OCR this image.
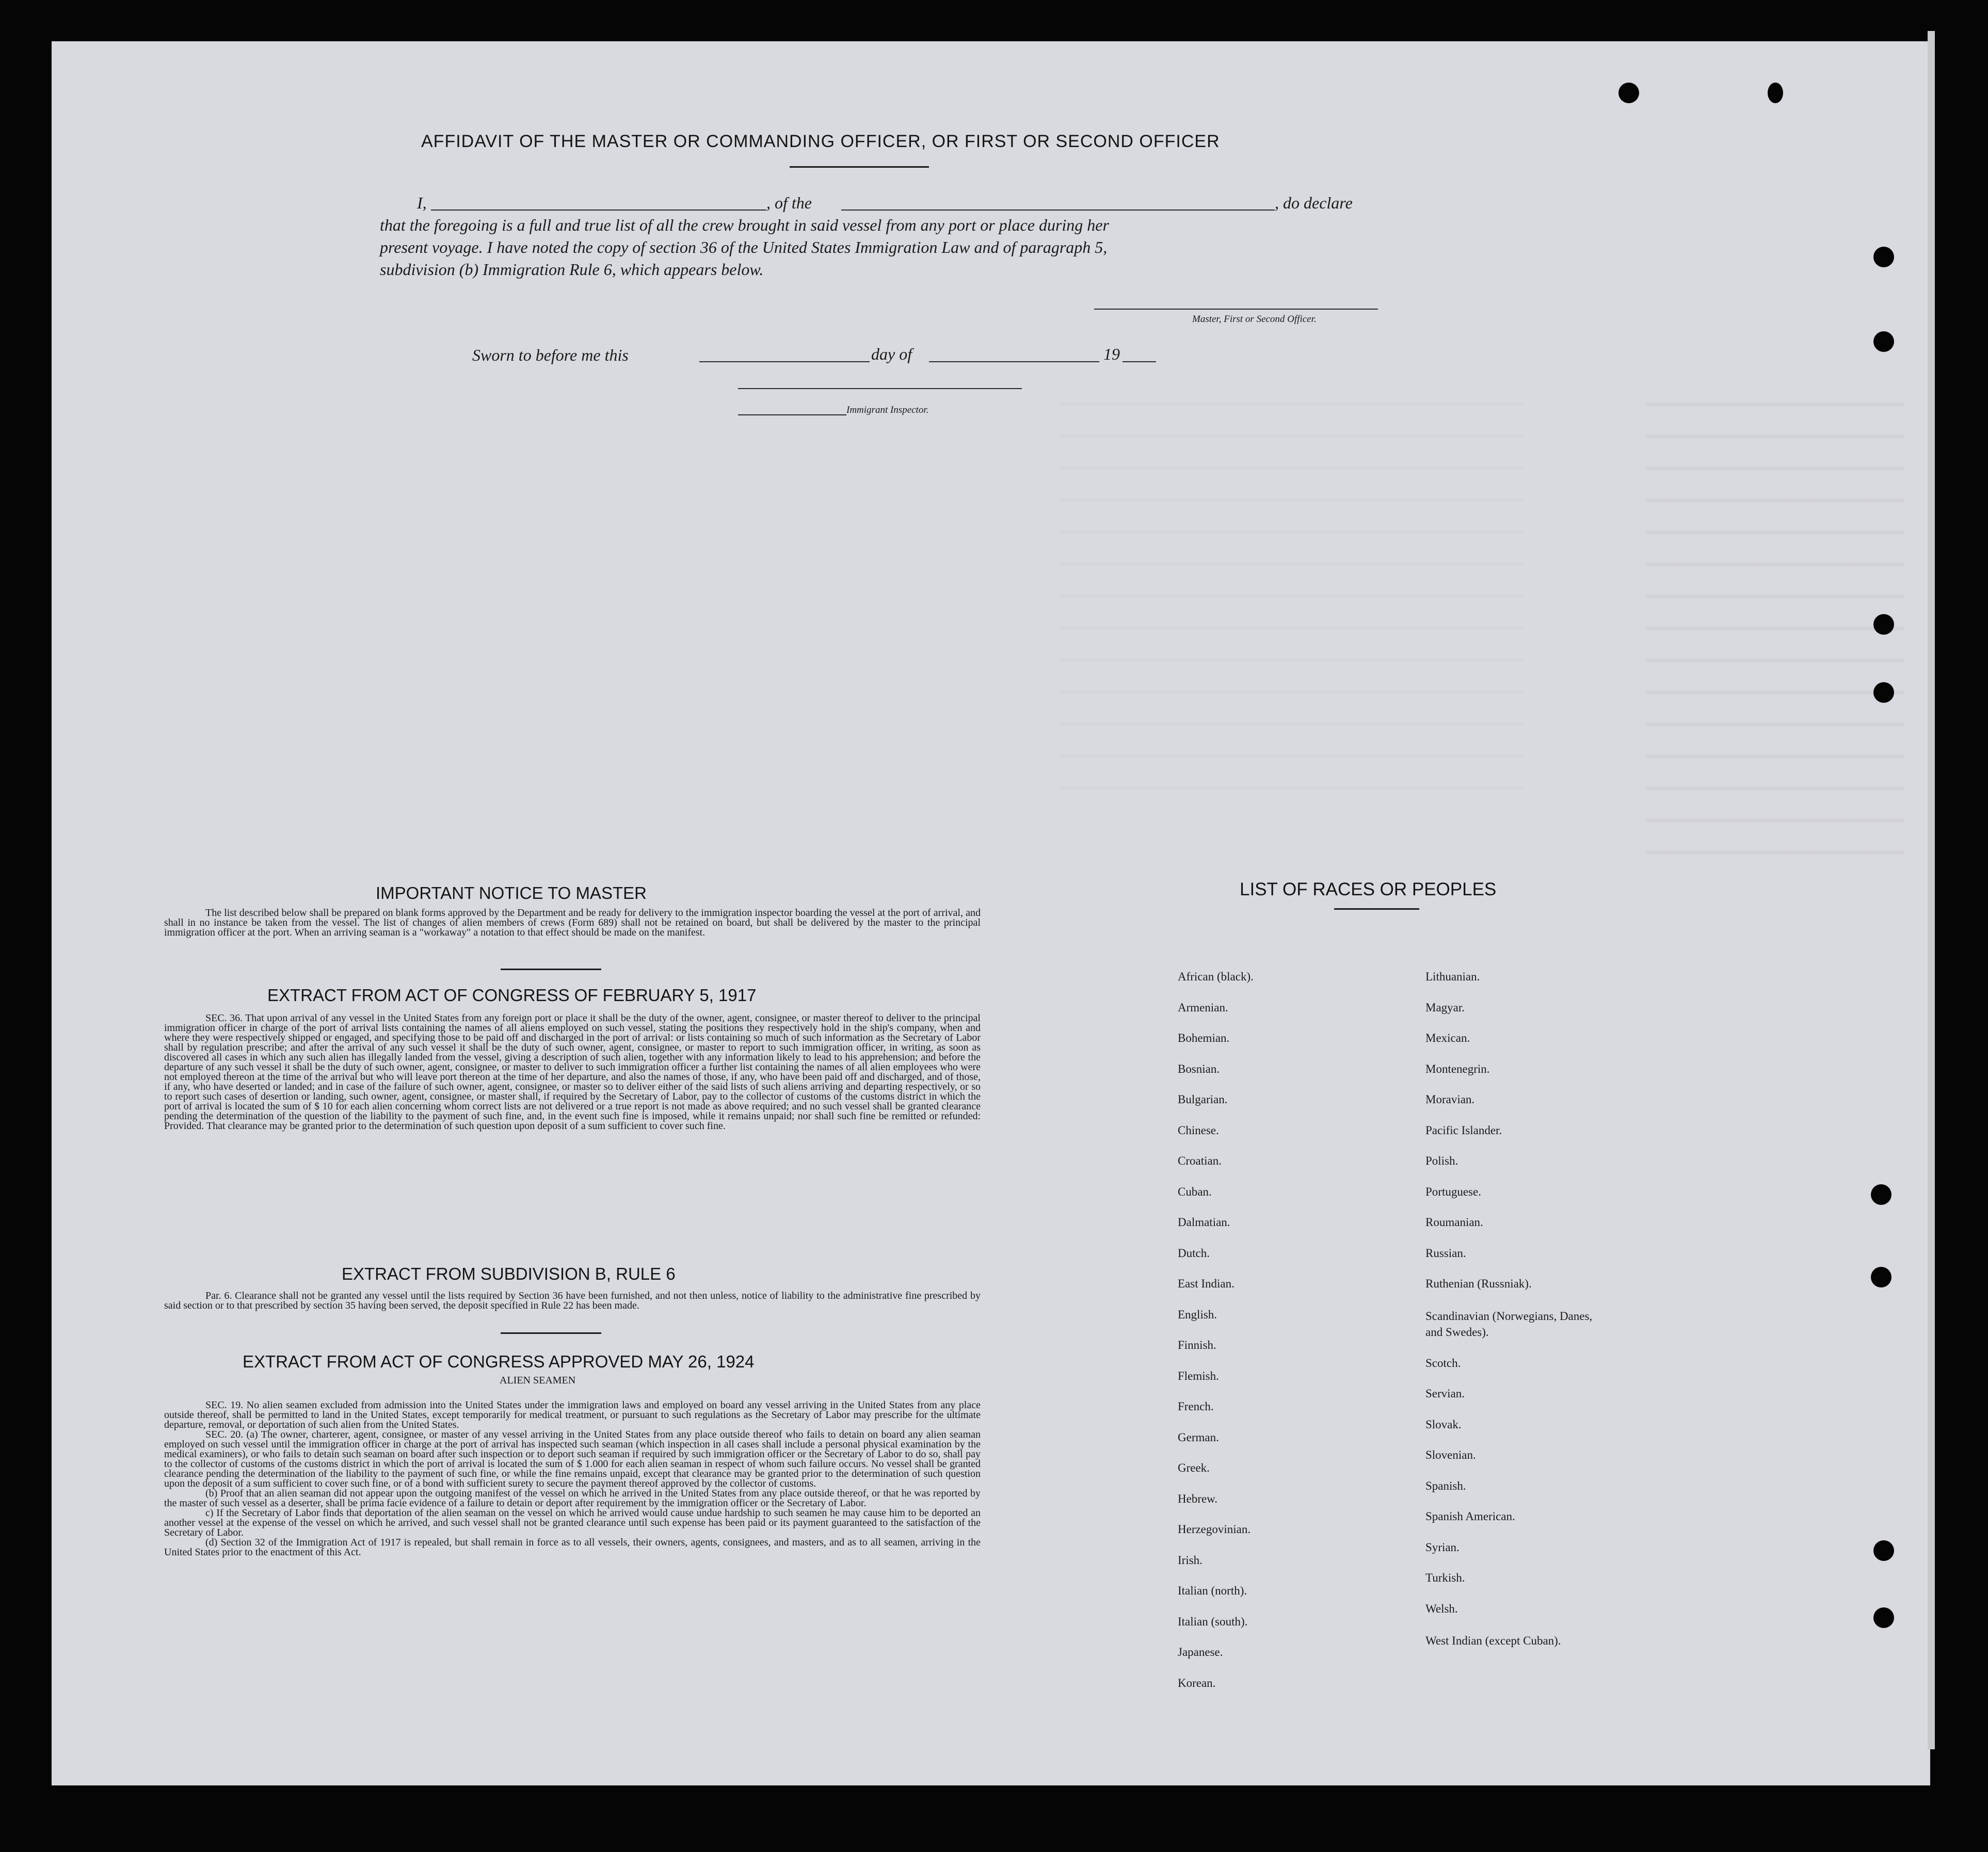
AFFIDAVIT OF THE MASTER OR COMMANDING OFFICER, OR FIRST OR SECOND OFFICER
I,	, of the	, do declare
that the foregoing is a full and true list of all the crew brought in said vessel from any port or place during her
present voyage. I have noted the copy of section 36 of the United States Immigration Law and of paragraph 5,
subdivision (b) Immigration Rule 6, which appears below.
Master, First or Second Officer.
Sworn to before me this	day of	19
Immigrant Inspector.
IMPORTANT NOTICE TO MASTER

The list described below shall be prepared on blank forms approved by the Department and be ready for delivery to the immigration inspector boarding the vessel at the port of arrival, and shall in no instance be taken from the vessel. The list of changes of alien members of crews (Form 689) shall not be retained on board, but shall be delivered by the master to the principal immigration officer at the port. When an arriving seaman is a "workaway" a notation to that effect should be made on the manifest.

EXTRACT FROM ACT OF CONGRESS OF FEBRUARY 5, 1917

SEC. 36. That upon arrival of any vessel in the United States from any foreign port or place it shall be the duty of the owner, agent, consignee, or master thereof to deliver to the principal immigration officer in charge of the port of arrival lists containing the names of all aliens employed on such vessel, stating the positions they respectively hold in the ship's company, when and where they were respectively shipped or engaged, and specifying those to be paid off and discharged in the port of arrival: or lists containing so much of such information as the Secretary of Labor shall by regulation prescribe; and after the arrival of any such vessel it shall be the duty of such owner, agent, consignee, or master to report to such immigration officer, in writing, as soon as discovered all cases in which any such alien has illegally landed from the vessel, giving a description of such alien, together with any information likely to lead to his apprehension; and before the departure of any such vessel it shall be the duty of such owner, agent, consignee, or master to deliver to such immigration officer a further list containing the names of all alien employees who were not employed thereon at the time of the arrival but who will leave port thereon at the time of her departure, and also the names of those, if any, who have been paid off and discharged, and of those, if any, who have deserted or landed; and in case of the failure of such owner, agent, consignee, or master so to deliver either of the said lists of such aliens arriving and departing respectively, or so to report such cases of desertion or landing, such owner, agent, consignee, or master shall, if required by the Secretary of Labor, pay to the collector of customs of the customs district in which the port of arrival is located the sum of $ 10 for each alien concerning whom correct lists are not delivered or a true report is not made as above required; and no such vessel shall be granted clearance pending the determination of the question of the liability to the payment of such fine, and, in the event such fine is imposed, while it remains unpaid; nor shall such fine be remitted or refunded: Provided. That clearance may be granted prior to the determination of such question upon deposit of a sum sufficient to cover such fine.

EXTRACT FROM SUBDIVISION B, RULE 6

Par. 6. Clearance shall not be granted any vessel until the lists required by Section 36 have been furnished, and not then unless, notice of liability to the administrative fine prescribed by said section or to that prescribed by section 35 having been served, the deposit specified in Rule 22 has been made.

EXTRACT FROM ACT OF CONGRESS APPROVED MAY 26, 1924
ALIEN SEAMEN

SEC. 19. No alien seamen excluded from admission into the United States under the immigration laws and employed on board any vessel arriving in the United States from any place outside thereof, shall be permitted to land in the United States, except temporarily for medical treatment, or pursuant to such regulations as the Secretary of Labor may prescribe for the ultimate departure, removal, or deportation of such alien from the United States.

SEC. 20. (a) The owner, charterer, agent, consignee, or master of any vessel arriving in the United States from any place outside thereof who fails to detain on board any alien seaman employed on such vessel until the immigration officer in charge at the port of arrival has inspected such seaman (which inspection in all cases shall include a personal physical examination by the medical examiners), or who fails to detain such seaman on board after such inspection or to deport such seaman if required by such immigration officer or the Secretary of Labor to do so, shall pay to the collector of customs of the customs district in which the port of arrival is located the sum of $ 1.000 for each alien seaman in respect of whom such failure occurs. No vessel shall be granted clearance pending the determination of the liability to the payment of such fine, or while the fine remains unpaid, except that clearance may be granted prior to the determination of such question upon the deposit of a sum sufficient to cover such fine, or of a bond with sufficient surety to secure the payment thereof approved by the collector of customs.

(b) Proof that an alien seaman did not appear upon the outgoing manifest of the vessel on which he arrived in the United States from any place outside thereof, or that he was reported by the master of such vessel as a deserter, shall be prima facie evidence of a failure to detain or deport after requirement by the immigration officer or the Secretary of Labor.

c) If the Secretary of Labor finds that deportation of the alien seaman on the vessel on which he arrived would cause undue hardship to such seamen he may cause him to be deported an another vessel at the expense of the vessel on which he arrived, and such vessel shall not be granted clearance until such expense has been paid or its payment guaranteed to the satisfaction of the Secretary of Labor.

(d) Section 32 of the Immigration Act of 1917 is repealed, but shall remain in force as to all vessels, their owners, agents, consignees, and masters, and as to all seamen, arriving in the United States prior to the enactment of this Act.

LIST OF RACES OR PEOPLES
African (black).
Armenian.
Bohemian.
Bosnian.
Bulgarian.
Chinese.
Croatian.
Cuban.
Dalmatian.
Dutch.
East Indian.
English.
Finnish.
Flemish.
French.
German.
Greek.
Hebrew.
Herzegovinian.
Irish.
Italian (north).
Italian (south).
Japanese.
Korean.
Lithuanian.
Magyar.
Mexican.
Montenegrin.
Moravian.
Pacific Islander.
Polish.
Portuguese.
Roumanian.
Russian.
Ruthenian (Russniak).
Scandinavian (Norwegians, Danes, and Swedes).
Scotch.
Servian.
Slovak.
Slovenian.
Spanish.
Spanish American.
Syrian.
Turkish.
Welsh.
West Indian (except Cuban).
